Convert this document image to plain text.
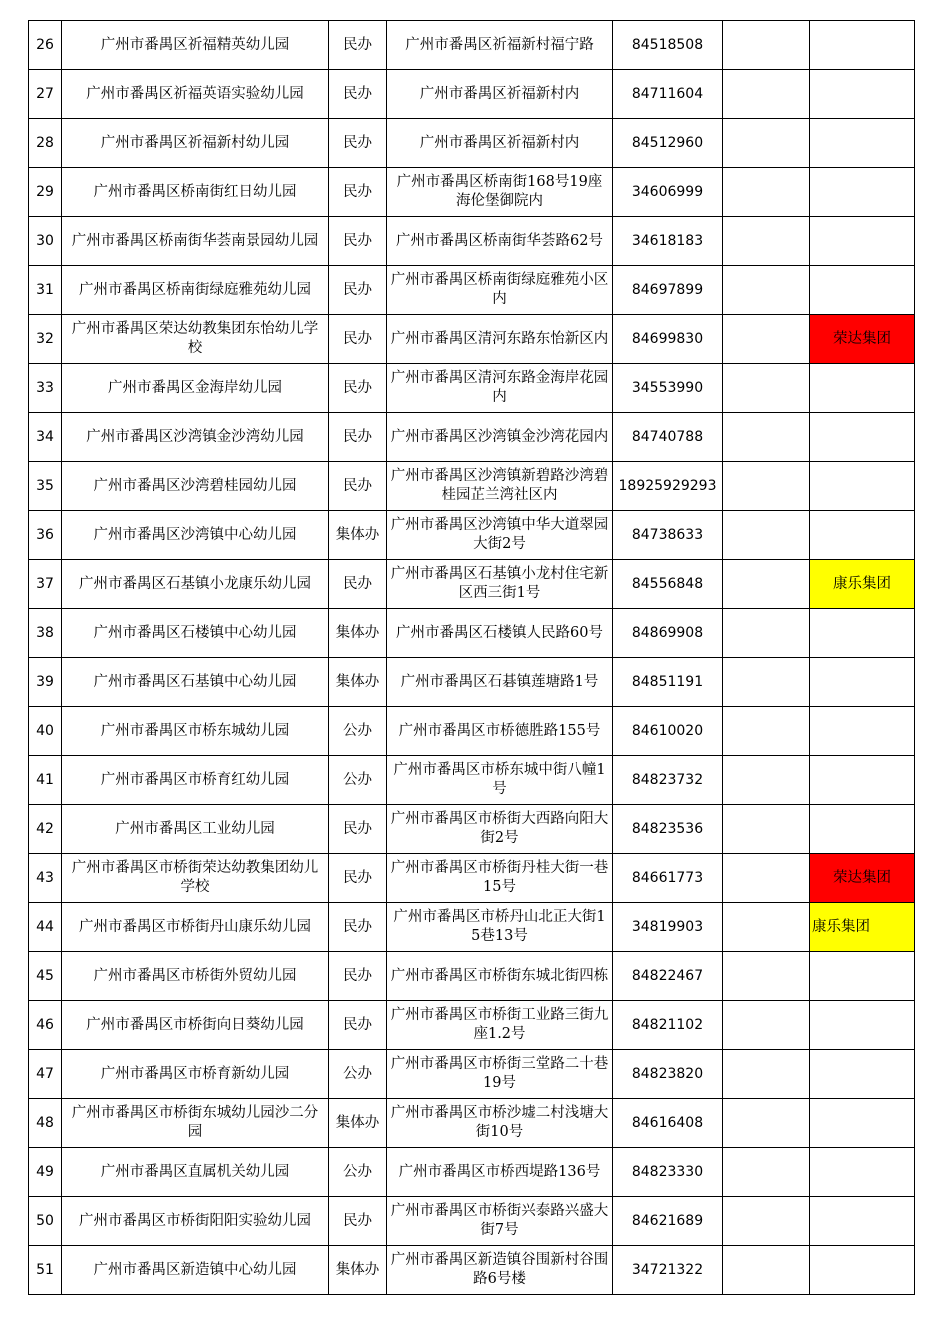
26	广州市番禺区祈福精英幼儿园	民办	广州市番禺区祈福新村福宁路	84518508		
27	广州市番禺区祈福英语实验幼儿园	民办	广州市番禺区祈福新村内	84711604		
28	广州市番禺区祈福新村幼儿园	民办	广州市番禺区祈福新村内	84512960		
29	广州市番禺区桥南街红日幼儿园	民办	广州市番禺区桥南街168号19座海伦堡御院内	34606999		
30	广州市番禺区桥南街华荟南景园幼儿园	民办	广州市番禺区桥南街华荟路62号	34618183		
31	广州市番禺区桥南街绿庭雅苑幼儿园	民办	广州市番禺区桥南街绿庭雅苑小区内	84697899		
32	广州市番禺区荣达幼教集团东怡幼儿学校	民办	广州市番禺区清河东路东怡新区内	84699830		荣达集团
33	广州市番禺区金海岸幼儿园	民办	广州市番禺区清河东路金海岸花园内	34553990		
34	广州市番禺区沙湾镇金沙湾幼儿园	民办	广州市番禺区沙湾镇金沙湾花园内	84740788		
35	广州市番禺区沙湾碧桂园幼儿园	民办	广州市番禺区沙湾镇新碧路沙湾碧桂园芷兰湾社区内	18925929293		
36	广州市番禺区沙湾镇中心幼儿园	集体办	广州市番禺区沙湾镇中华大道翠园大街2号	84738633		
37	广州市番禺区石基镇小龙康乐幼儿园	民办	广州市番禺区石基镇小龙村住宅新区西三街1号	84556848		康乐集团
38	广州市番禺区石楼镇中心幼儿园	集体办	广州市番禺区石楼镇人民路60号	84869908		
39	广州市番禺区石基镇中心幼儿园	集体办	广州市番禺区石碁镇莲塘路1号	84851191		
40	广州市番禺区市桥东城幼儿园	公办	广州市番禺区市桥德胜路155号	84610020		
41	广州市番禺区市桥育红幼儿园	公办	广州市番禺区市桥东城中街八幢1号	84823732		
42	广州市番禺区工业幼儿园	民办	广州市番禺区市桥街大西路向阳大街2号	84823536		
43	广州市番禺区市桥街荣达幼教集团幼儿学校	民办	广州市番禺区市桥街丹桂大街一巷15号	84661773		荣达集团
44	广州市番禺区市桥街丹山康乐幼儿园	民办	广州市番禺区市桥丹山北正大街15巷13号	34819903		康乐集团
45	广州市番禺区市桥街外贸幼儿园	民办	广州市番禺区市桥街东城北街四栋	84822467		
46	广州市番禺区市桥街向日葵幼儿园	民办	广州市番禺区市桥街工业路三街九座1.2号	84821102		
47	广州市番禺区市桥育新幼儿园	公办	广州市番禺区市桥街三堂路二十巷19号	84823820		
48	广州市番禺区市桥街东城幼儿园沙二分园	集体办	广州市番禺区市桥沙墟二村浅塘大街10号	84616408		
49	广州市番禺区直属机关幼儿园	公办	广州市番禺区市桥西堤路136号	84823330		
50	广州市番禺区市桥街阳阳实验幼儿园	民办	广州市番禺区市桥街兴泰路兴盛大街7号	84621689		
51	广州市番禺区新造镇中心幼儿园	集体办	广州市番禺区新造镇谷围新村谷围路6号楼	34721322		
